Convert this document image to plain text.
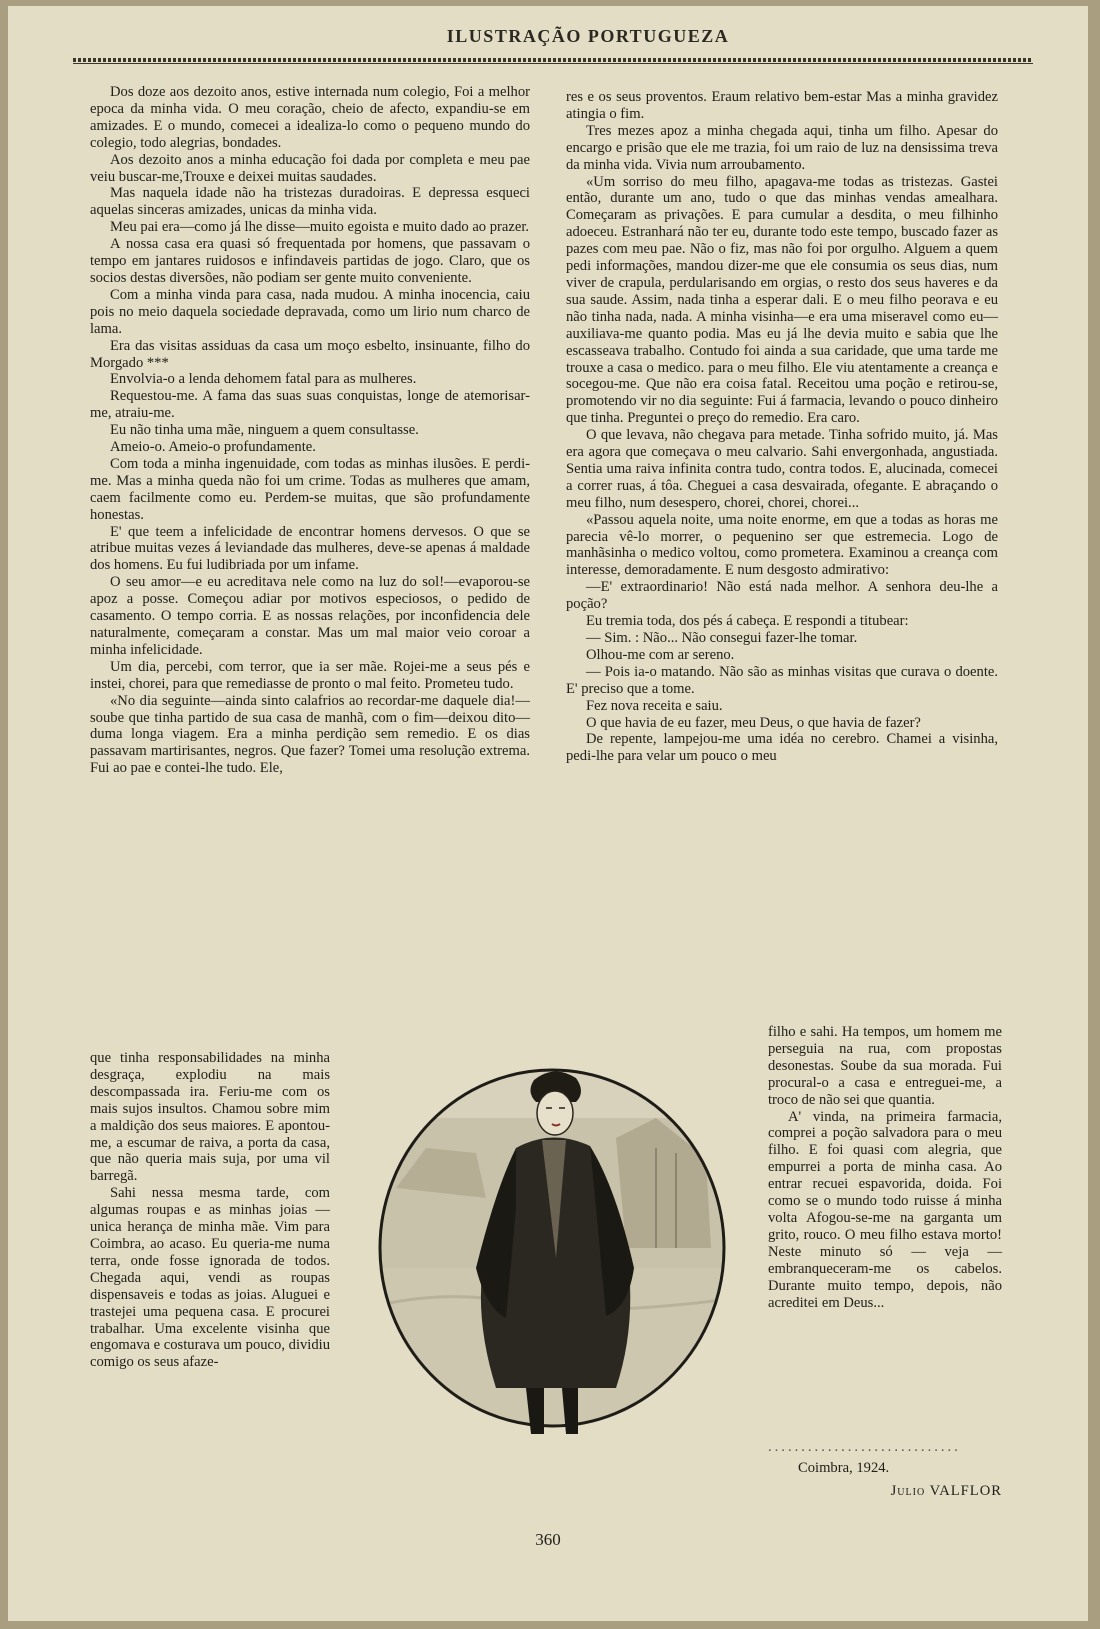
ILUSTRAÇÃO PORTUGUEZA

Dos doze aos dezoito anos, estive internada num colegio, Foi a melhor epoca da minha vida. O meu coração, cheio de afecto, expandiu-se em amizades. E o mundo, comecei a idealiza-lo como o pequeno mundo do colegio, todo alegrias, bondades.

Aos dezoito anos a minha educação foi dada por completa e meu pae veiu buscar-me,Trouxe e deixei muitas saudades.

Mas naquela idade não ha tristezas duradoiras. E depressa esqueci aquelas sinceras amizades, unicas da minha vida.

Meu pai era—como já lhe disse—muito egoista e muito dado ao prazer.

A nossa casa era quasi só frequentada por homens, que passavam o tempo em jantares ruidosos e infindaveis partidas de jogo. Claro, que os socios destas diversões, não podiam ser gente muito conveniente.

Com a minha vinda para casa, nada mudou. A minha inocencia, caiu pois no meio daquela sociedade depravada, como um lirio num charco de lama.

Era das visitas assiduas da casa um moço esbelto, insinuante, filho do Morgado ***

Envolvia-o a lenda dehomem fatal para as mulheres.

Requestou-me. A fama das suas suas conquistas, longe de atemorisar-me, atraiu-me.

Eu não tinha uma mãe, ninguem a quem consultasse.

Ameio-o. Ameio-o profundamente.

Com toda a minha ingenuidade, com todas as minhas ilusões. E perdi-me. Mas a minha queda não foi um crime. Todas as mulheres que amam, caem facilmente como eu. Perdem-se muitas, que são profundamente honestas.

E' que teem a infelicidade de encontrar homens dervesos. O que se atribue muitas vezes á leviandade das mulheres, deve-se apenas á maldade dos homens. Eu fui ludibriada por um infame.

O seu amor—e eu acreditava nele como na luz do sol!—evaporou-se apoz a posse. Começou adiar por motivos especiosos, o pedido de casamento. O tempo corria. E as nossas relações, por inconfidencia dele naturalmente, começaram a constar. Mas um mal maior veio coroar a minha infelicidade.

Um dia, percebi, com terror, que ia ser mãe. Rojei-me a seus pés e instei, chorei, para que remediasse de pronto o mal feito. Prometeu tudo.

«No dia seguinte—ainda sinto calafrios ao recordar-me daquele dia!—soube que tinha partido de sua casa de manhã, com o fim—deixou dito—duma longa viagem. Era a minha perdição sem remedio. E os dias passavam martirisantes, negros. Que fazer? Tomei uma resolução extrema. Fui ao pae e contei-lhe tudo. Ele,

que tinha responsabilidades na minha desgraça, explodiu na mais descompassada ira. Feriu-me com os mais sujos insultos. Chamou sobre mim a maldição dos seus maiores. E apontou-me, a escumar de raiva, a porta da casa, que não queria mais suja, por uma vil barregã.

Sahi nessa mesma tarde, com algumas roupas e as minhas joias — unica herança de minha mãe. Vim para Coimbra, ao acaso. Eu queria-me numa terra, onde fosse ignorada de todos. Chegada aqui, vendi as roupas dispensaveis e todas as joias. Aluguei e trastejei uma pequena casa. E procurei trabalhar. Uma excelente visinha que engomava e costurava um pouco, dividiu comigo os seus afaze-

res e os seus proventos. Eraum relativo bem-estar Mas a minha gravidez atingia o fim.

Tres mezes apoz a minha chegada aqui, tinha um filho. Apesar do encargo e prisão que ele me trazia, foi um raio de luz na densissima treva da minha vida. Vivia num arroubamento.

«Um sorriso do meu filho, apagava-me todas as tristezas. Gastei então, durante um ano, tudo o que das minhas vendas amealhara. Começaram as privações. E para cumular a desdita, o meu filhinho adoeceu. Estranhará não ter eu, durante todo este tempo, buscado fazer as pazes com meu pae. Não o fiz, mas não foi por orgulho. Alguem a quem pedi informações, mandou dizer-me que ele consumia os seus dias, num viver de crapula, perdularisando em orgias, o resto dos seus haveres e da sua saude. Assim, nada tinha a esperar dali. E o meu filho peorava e eu não tinha nada, nada. A minha visinha—e era uma miseravel como eu—auxiliava-me quanto podia. Mas eu já lhe devia muito e sabia que lhe escasseava trabalho. Contudo foi ainda a sua caridade, que uma tarde me trouxe a casa o medico. para o meu filho. Ele viu atentamente a creança e socegou-me. Que não era coisa fatal. Receitou uma poção e retirou-se, promotendo vir no dia seguinte: Fui á farmacia, levando o pouco dinheiro que tinha. Preguntei o preço do remedio. Era caro.

O que levava, não chegava para metade. Tinha sofrido muito, já. Mas era agora que começava o meu calvario. Sahi envergonhada, angustiada. Sentia uma raiva infinita contra tudo, contra todos. E, alucinada, comecei a correr ruas, á tôa. Cheguei a casa desvairada, ofegante. E abraçando o meu filho, num desespero, chorei, chorei, chorei...

«Passou aquela noite, uma noite enorme, em que a todas as horas me parecia vê-lo morrer, o pequenino ser que estremecia. Logo de manhãsinha o medico voltou, como prometera. Examinou a creança com interesse, demoradamente. E num desgosto admirativo:

—E' extraordinario! Não está nada melhor. A senhora deu-lhe a poção?

Eu tremia toda, dos pés á cabeça. E respondi a titubear:

— Sim. : Não... Não consegui fazer-lhe tomar.

Olhou-me com ar sereno.

— Pois ia-o matando. Não são as minhas visitas que curava o doente. E' preciso que a tome.

Fez nova receita e saiu.

O que havia de eu fazer, meu Deus, o que havia de fazer?

De repente, lampejou-me uma idéa no cerebro. Chamei a visinha, pedi-lhe para velar um pouco o meu

filho e sahi. Ha tempos, um homem me perseguia na rua, com propostas desonestas. Soube da sua morada. Fui procural-o a casa e entreguei-me, a troco de não sei que quantia.

A' vinda, na primeira farmacia, comprei a poção salvadora para o meu filho. E foi quasi com alegria, que empurrei a porta de minha casa. Ao entrar recuei espavorida, doida. Foi como se o mundo todo ruisse á minha volta Afogou-se-me na garganta um grito, rouco. O meu filho estava morto! Neste minuto só — veja — embranqueceram-me os cabelos. Durante muito tempo, depois, não acreditei em Deus...

.............................
Coimbra, 1924.
Julio VALFLOR
360
